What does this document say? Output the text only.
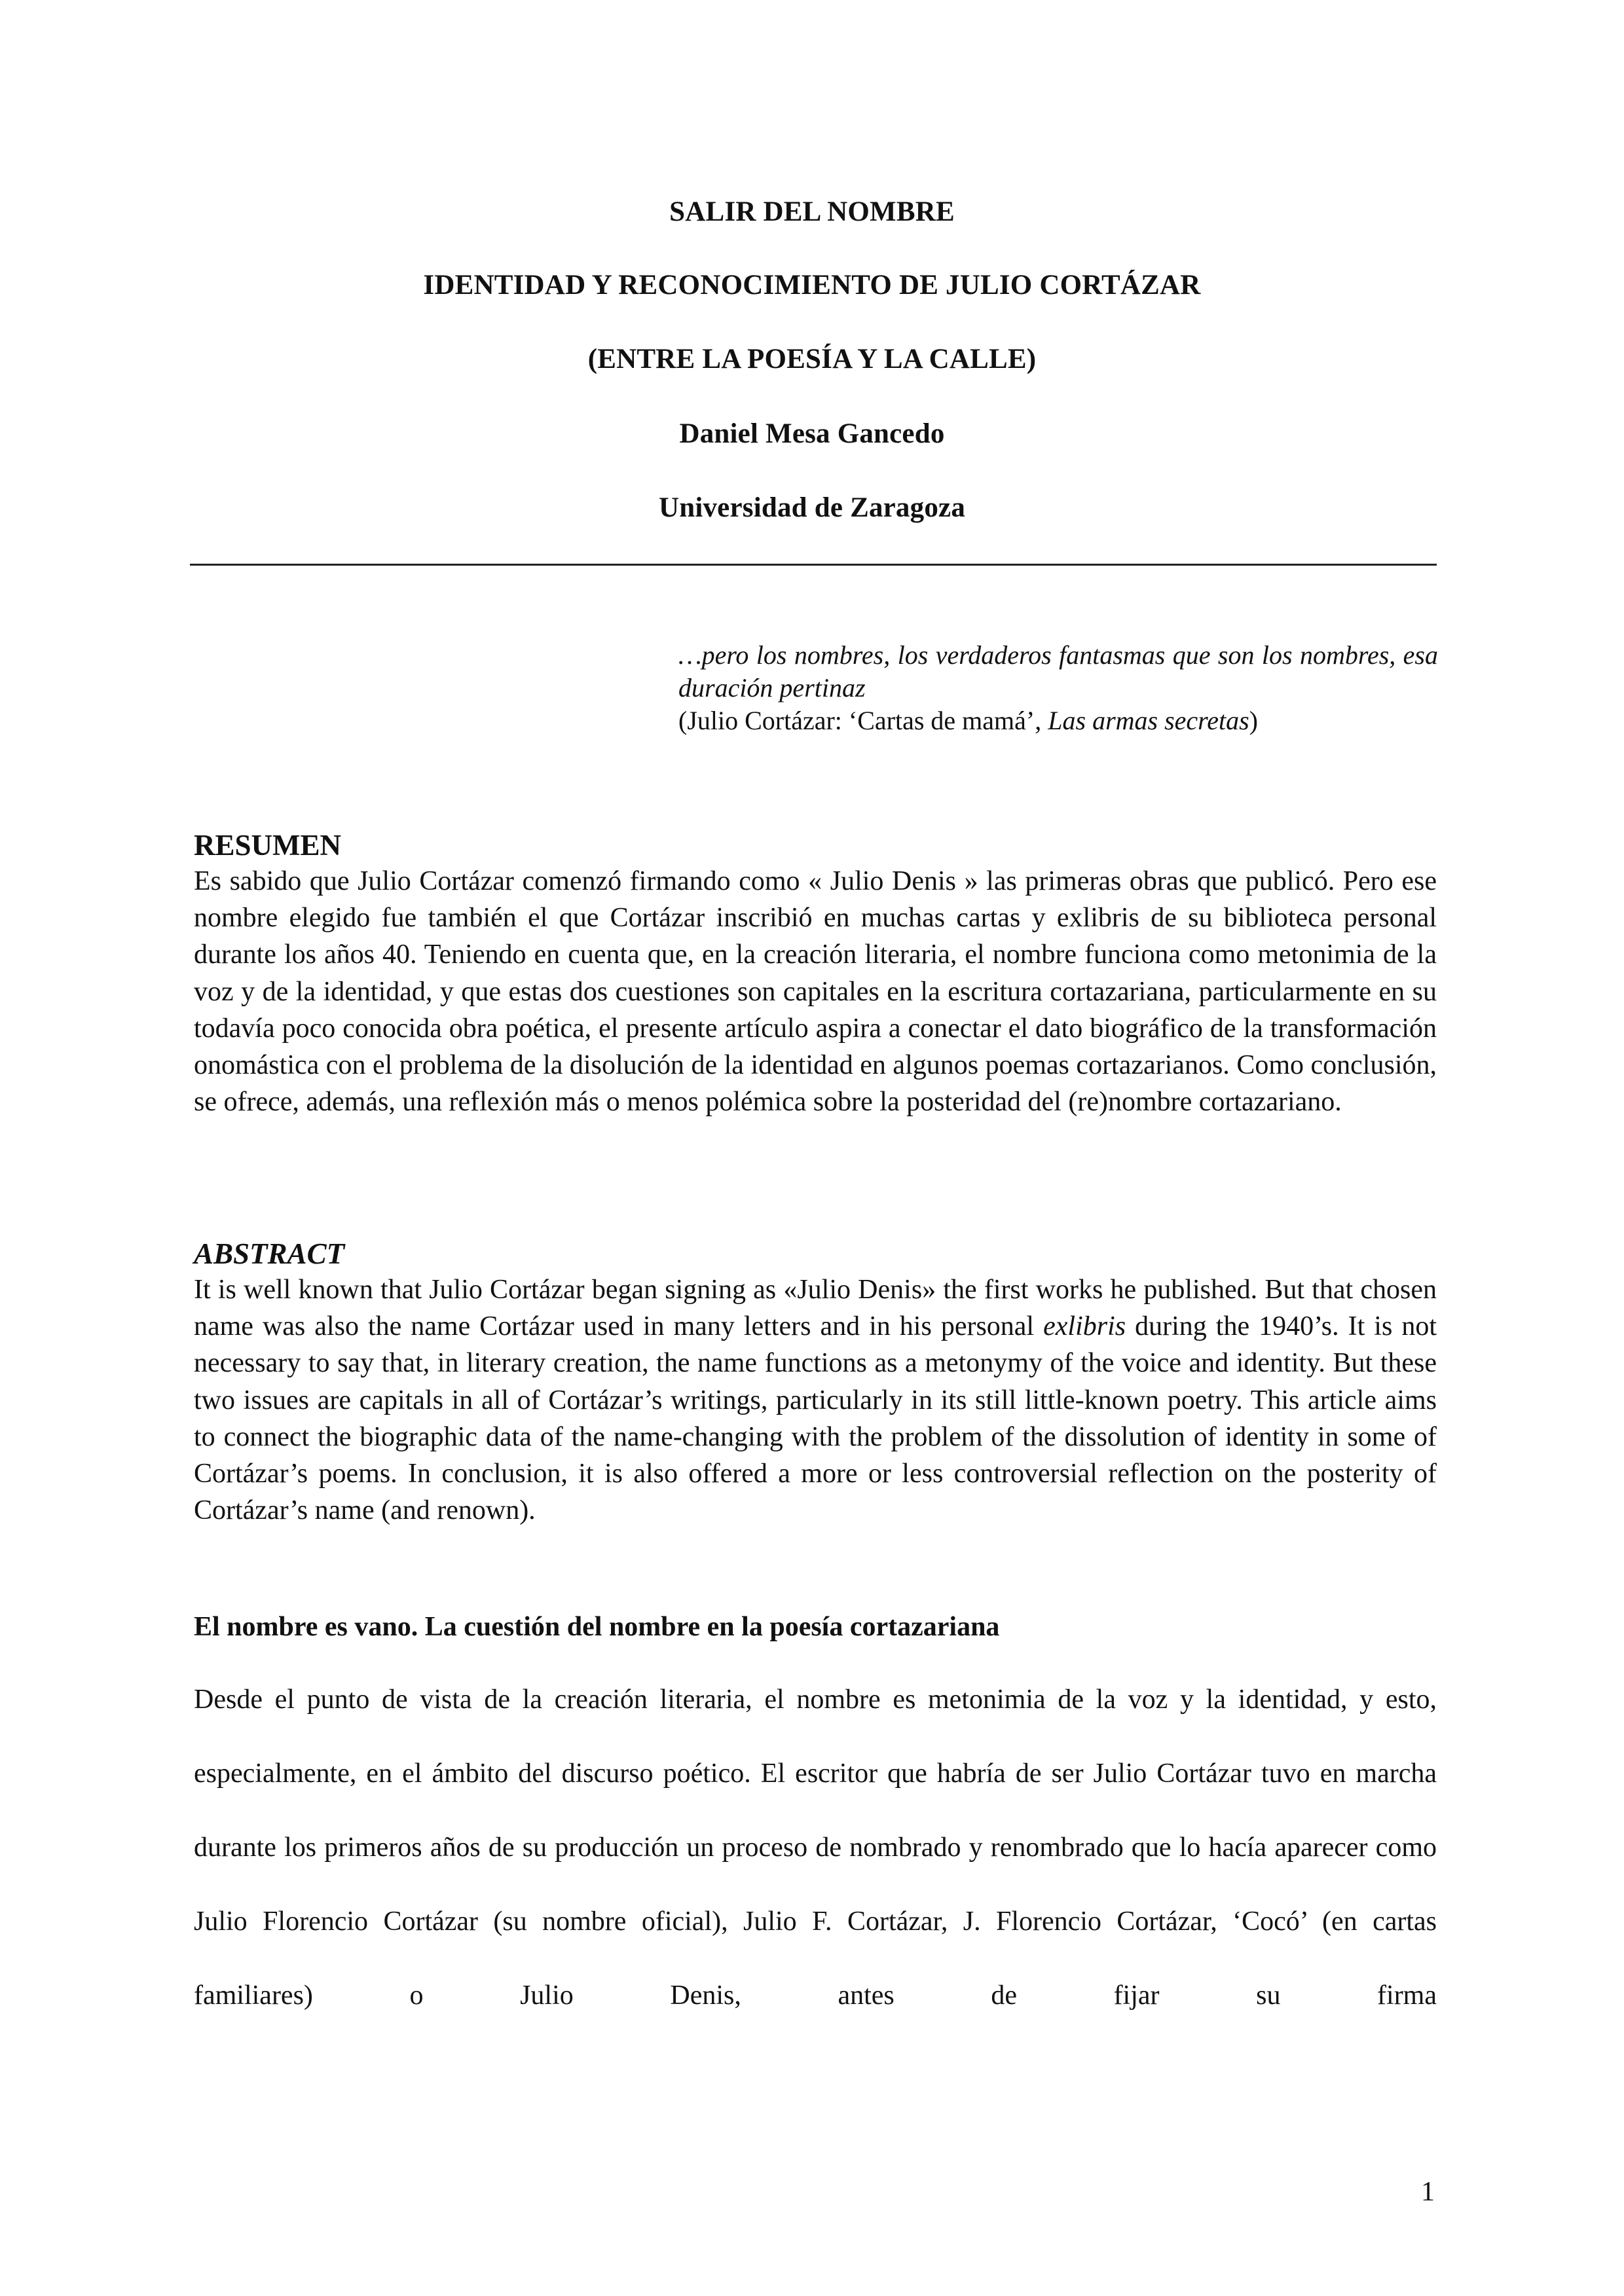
SALIR DEL NOMBRE
IDENTIDAD Y RECONOCIMIENTO DE JULIO CORTÁZAR
(ENTRE LA POESÍA Y LA CALLE)
Daniel Mesa Gancedo
Universidad de Zaragoza
…pero los nombres, los verdaderos fantasmas que son los nombres, esa duración pertinaz
(Julio Cortázar: ‘Cartas de mamá’, Las armas secretas)
RESUMEN
Es sabido que Julio Cortázar comenzó firmando como « Julio Denis » las primeras obras que publicó. Pero ese nombre elegido fue también el que Cortázar inscribió en muchas cartas y exlibris de su biblioteca personal durante los años 40. Teniendo en cuenta que, en la creación literaria, el nombre funciona como metonimia de la voz y de la identidad, y que estas dos cuestiones son capitales en la escritura cortazariana, particularmente en su todavía poco conocida obra poética, el presente artículo aspira a conectar el dato biográfico de la transformación onomástica con el problema de la disolución de la identidad en algunos poemas cortazarianos. Como conclusión, se ofrece, además, una reflexión más o menos polémica sobre la posteridad del (re)nombre cortazariano.
ABSTRACT
It is well known that Julio Cortázar began signing as «Julio Denis» the first works he published. But that chosen name was also the name Cortázar used in many letters and in his personal exlibris during the 1940’s. It is not necessary to say that, in literary creation, the name functions as a metonymy of the voice and identity. But these two issues are capitals in all of Cortázar’s writings, particularly in its still little-known poetry. This article aims to connect the biographic data of the name-changing with the problem of the dissolution of identity in some of Cortázar’s poems. In conclusion, it is also offered a more or less controversial reflection on the posterity of Cortázar’s name (and renown).
El nombre es vano. La cuestión del nombre en la poesía cortazariana
Desde el punto de vista de la creación literaria, el nombre es metonimia de la voz y la identidad, y esto, especialmente, en el ámbito del discurso poético. El escritor que habría de ser Julio Cortázar tuvo en marcha durante los primeros años de su producción un proceso de nombrado y renombrado que lo hacía aparecer como Julio Florencio Cortázar (su nombre oficial), Julio F. Cortázar, J. Florencio Cortázar, ‘Cocó’ (en cartas familiares) o Julio Denis, antes de fijar su firma
1
